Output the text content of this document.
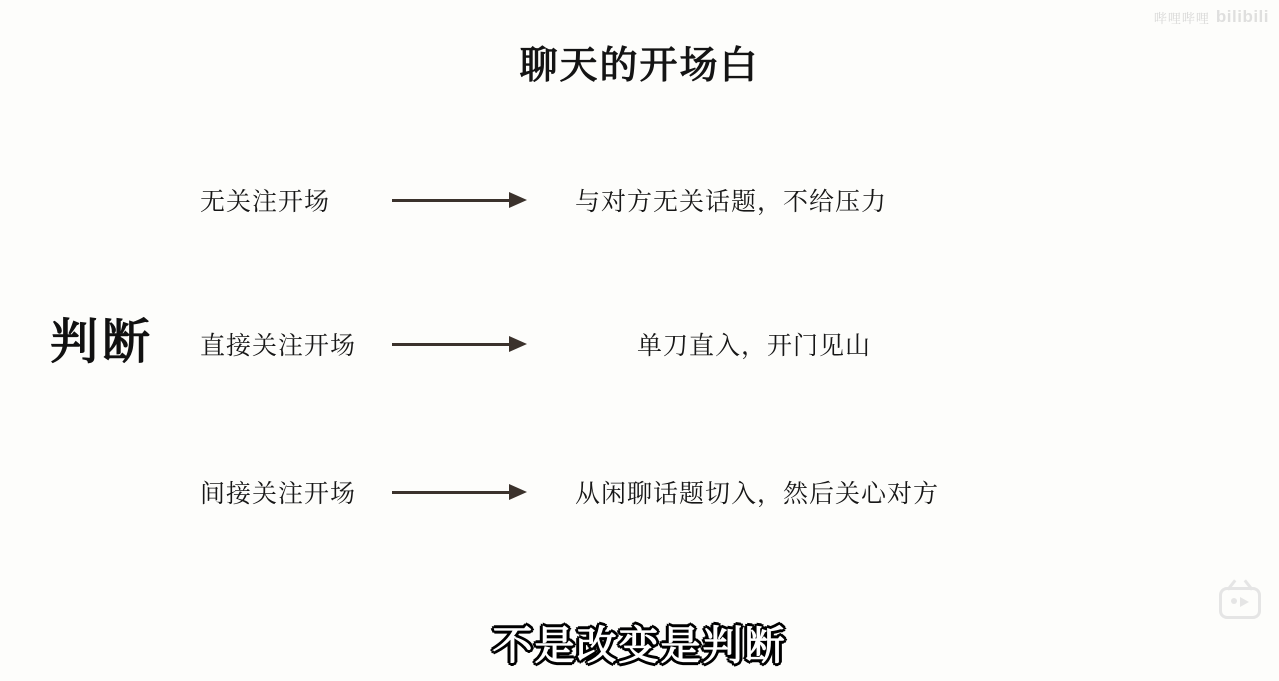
聊天的开场白
判断
无关注开场	与对方无关话题，不给压力
直接关注开场	单刀直入，开门见山
间接关注开场	从闲聊话题切入，然后关心对方
不是改变是判断
哔哩哔哩 bilibili
